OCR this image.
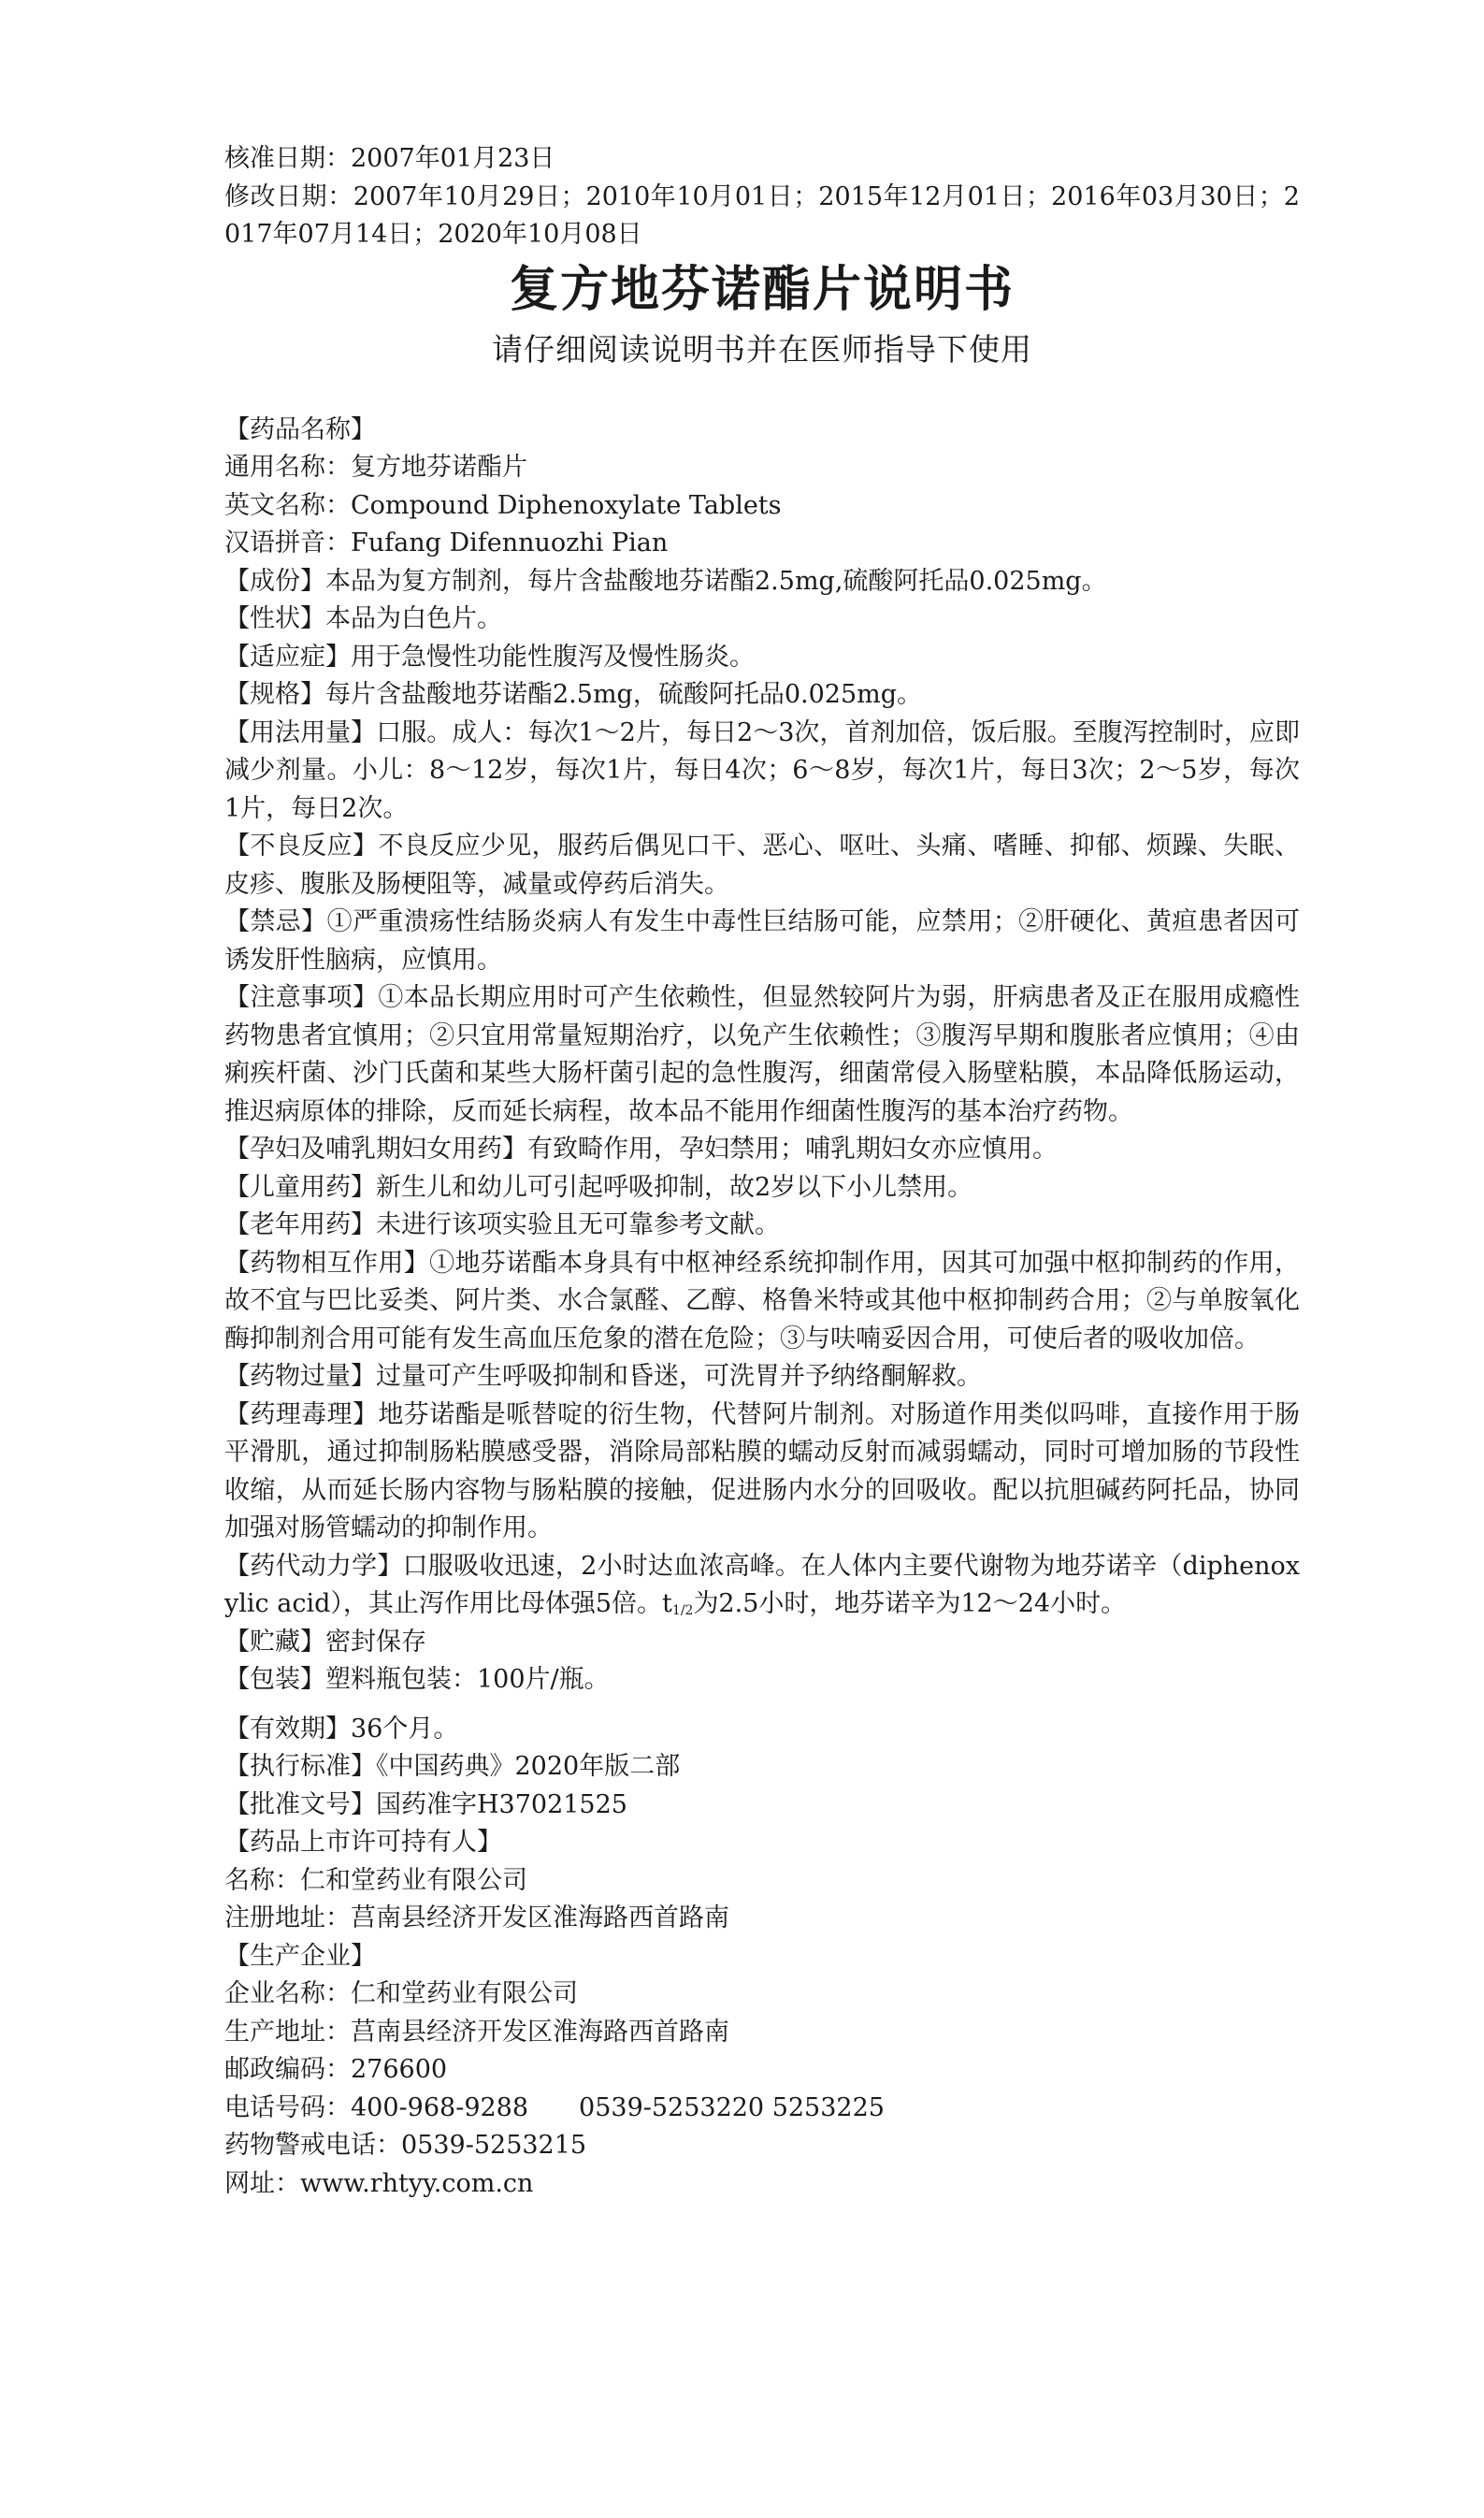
核准日期：2007年01月23日

修改日期：2007年10月29日；2010年10月01日；2015年12月01日；2016年03月30日；2017年07月14日；2020年10月08日

复方地芬诺酯片说明书
请仔细阅读说明书并在医师指导下使用

【药品名称】

通用名称：复方地芬诺酯片

英文名称：Compound Diphenoxylate Tablets

汉语拼音：Fufang Difennuozhi Pian

【成份】本品为复方制剂，每片含盐酸地芬诺酯2.5mg,硫酸阿托品0.025mg。

【性状】本品为白色片。

【适应症】用于急慢性功能性腹泻及慢性肠炎。

【规格】每片含盐酸地芬诺酯2.5mg，硫酸阿托品0.025mg。

【用法用量】口服。成人：每次1～2片，每日2～3次，首剂加倍，饭后服。至腹泻控制时，应即减少剂量。小儿：8～12岁，每次1片，每日4次；6～8岁，每次1片，每日3次；2～5岁，每次1片，每日2次。

【不良反应】不良反应少见，服药后偶见口干、恶心、呕吐、头痛、嗜睡、抑郁、烦躁、失眠、皮疹、腹胀及肠梗阻等，减量或停药后消失。

【禁忌】①严重溃疡性结肠炎病人有发生中毒性巨结肠可能，应禁用；②肝硬化、黄疸患者因可诱发肝性脑病，应慎用。

【注意事项】①本品长期应用时可产生依赖性，但显然较阿片为弱，肝病患者及正在服用成瘾性药物患者宜慎用；②只宜用常量短期治疗，以免产生依赖性；③腹泻早期和腹胀者应慎用；④由痢疾杆菌、沙门氏菌和某些大肠杆菌引起的急性腹泻，细菌常侵入肠壁粘膜，本品降低肠运动，推迟病原体的排除，反而延长病程，故本品不能用作细菌性腹泻的基本治疗药物。

【孕妇及哺乳期妇女用药】有致畸作用，孕妇禁用；哺乳期妇女亦应慎用。

【儿童用药】新生儿和幼儿可引起呼吸抑制，故2岁以下小儿禁用。

【老年用药】未进行该项实验且无可靠参考文献。

【药物相互作用】①地芬诺酯本身具有中枢神经系统抑制作用，因其可加强中枢抑制药的作用，故不宜与巴比妥类、阿片类、水合氯醛、乙醇、格鲁米特或其他中枢抑制药合用；②与单胺氧化酶抑制剂合用可能有发生高血压危象的潜在危险；③与呋喃妥因合用，可使后者的吸收加倍。

【药物过量】过量可产生呼吸抑制和昏迷，可洗胃并予纳络酮解救。

【药理毒理】地芬诺酯是哌替啶的衍生物，代替阿片制剂。对肠道作用类似吗啡，直接作用于肠平滑肌，通过抑制肠粘膜感受器，消除局部粘膜的蠕动反射而减弱蠕动，同时可增加肠的节段性收缩，从而延长肠内容物与肠粘膜的接触，促进肠内水分的回吸收。配以抗胆碱药阿托品，协同加强对肠管蠕动的抑制作用。

【药代动力学】口服吸收迅速，2小时达血浓高峰。在人体内主要代谢物为地芬诺辛（diphenoxylic acid），其止泻作用比母体强5倍。$t_{1/2}$为2.5小时，地芬诺辛为12～24小时。

【贮藏】密封保存

【包装】塑料瓶包装：100片/瓶。

【有效期】36个月。

【执行标准】《中国药典》2020年版二部

【批准文号】国药准字H37021525

【药品上市许可持有人】

名称：仁和堂药业有限公司

注册地址：莒南县经济开发区淮海路西首路南

【生产企业】

企业名称：仁和堂药业有限公司

生产地址：莒南县经济开发区淮海路西首路南

邮政编码：276600

电话号码：400-968-9288　　0539-5253220 5253225

药物警戒电话：0539-5253215

网址：www.rhtyy.com.cn
